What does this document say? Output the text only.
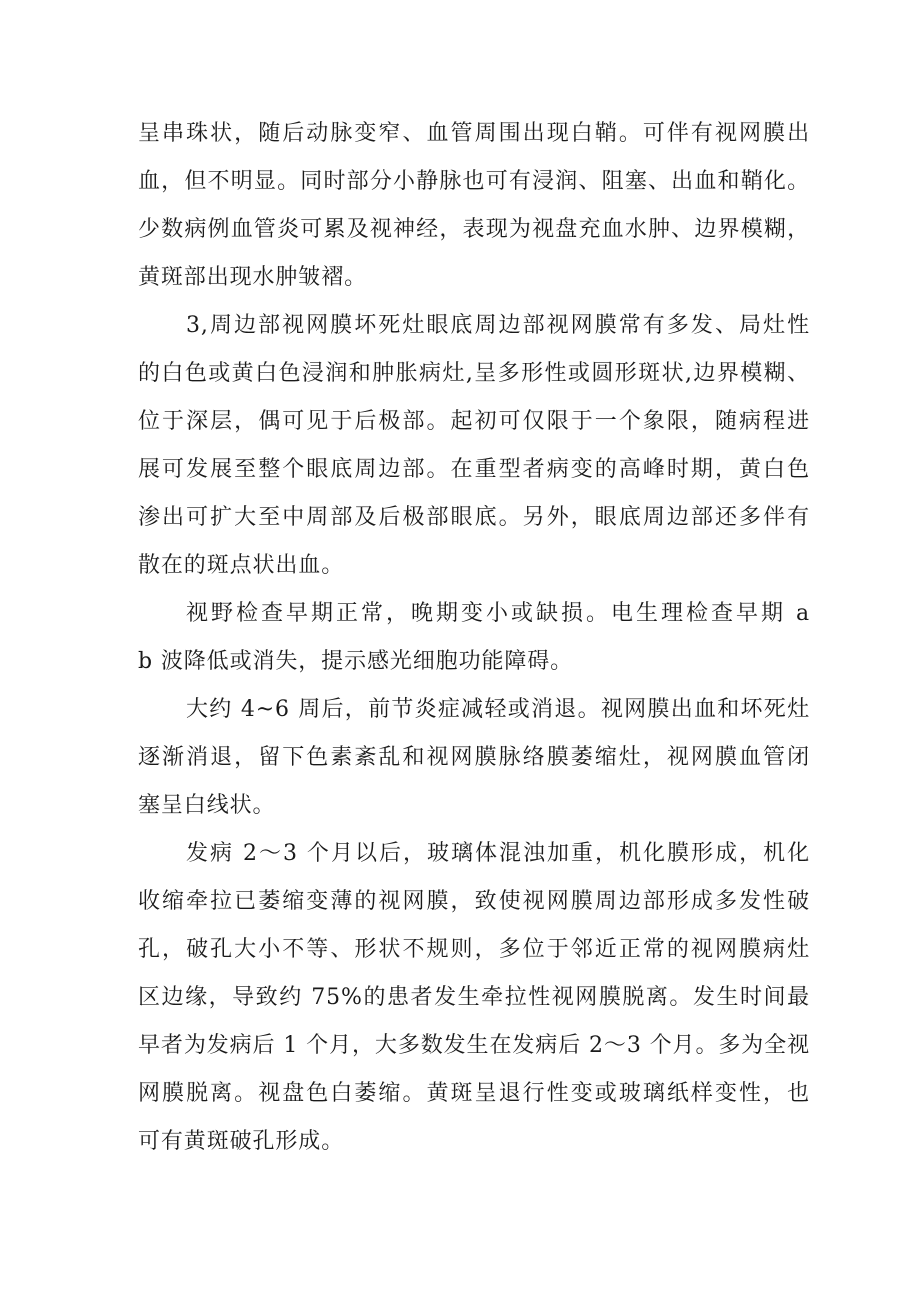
呈串珠状，随后动脉变窄、血管周围出现白鞘。可伴有视网膜出
血，但不明显。同时部分小静脉也可有浸润、阻塞、出血和鞘化。
少数病例血管炎可累及视神经，表现为视盘充血水肿、边界模糊，
黄斑部出现水肿皱褶。
3,周边部视网膜坏死灶眼底周边部视网膜常有多发、局灶性
的白色或黄白色浸润和肿胀病灶,呈多形性或圆形斑状,边界模糊、
位于深层，偶可见于后极部。起初可仅限于一个象限，随病程进
展可发展至整个眼底周边部。在重型者病变的高峰时期，黄白色
渗出可扩大至中周部及后极部眼底。另外，眼底周边部还多伴有
散在的斑点状出血。
视野检查早期正常，晚期变小或缺损。电生理检查早期 a
b 波降低或消失，提示感光细胞功能障碍。
大约 4~6 周后，前节炎症减轻或消退。视网膜出血和坏死灶
逐渐消退，留下色素紊乱和视网膜脉络膜萎缩灶，视网膜血管闭
塞呈白线状。
发病 2～3 个月以后，玻璃体混浊加重，机化膜形成，机化
收缩牵拉已萎缩变薄的视网膜，致使视网膜周边部形成多发性破
孔，破孔大小不等、形状不规则，多位于邻近正常的视网膜病灶
区边缘，导致约 75%的患者发生牵拉性视网膜脱离。发生时间最
早者为发病后 1 个月，大多数发生在发病后 2～3 个月。多为全视
网膜脱离。视盘色白萎缩。黄斑呈退行性变或玻璃纸样变性，也
可有黄斑破孔形成。
